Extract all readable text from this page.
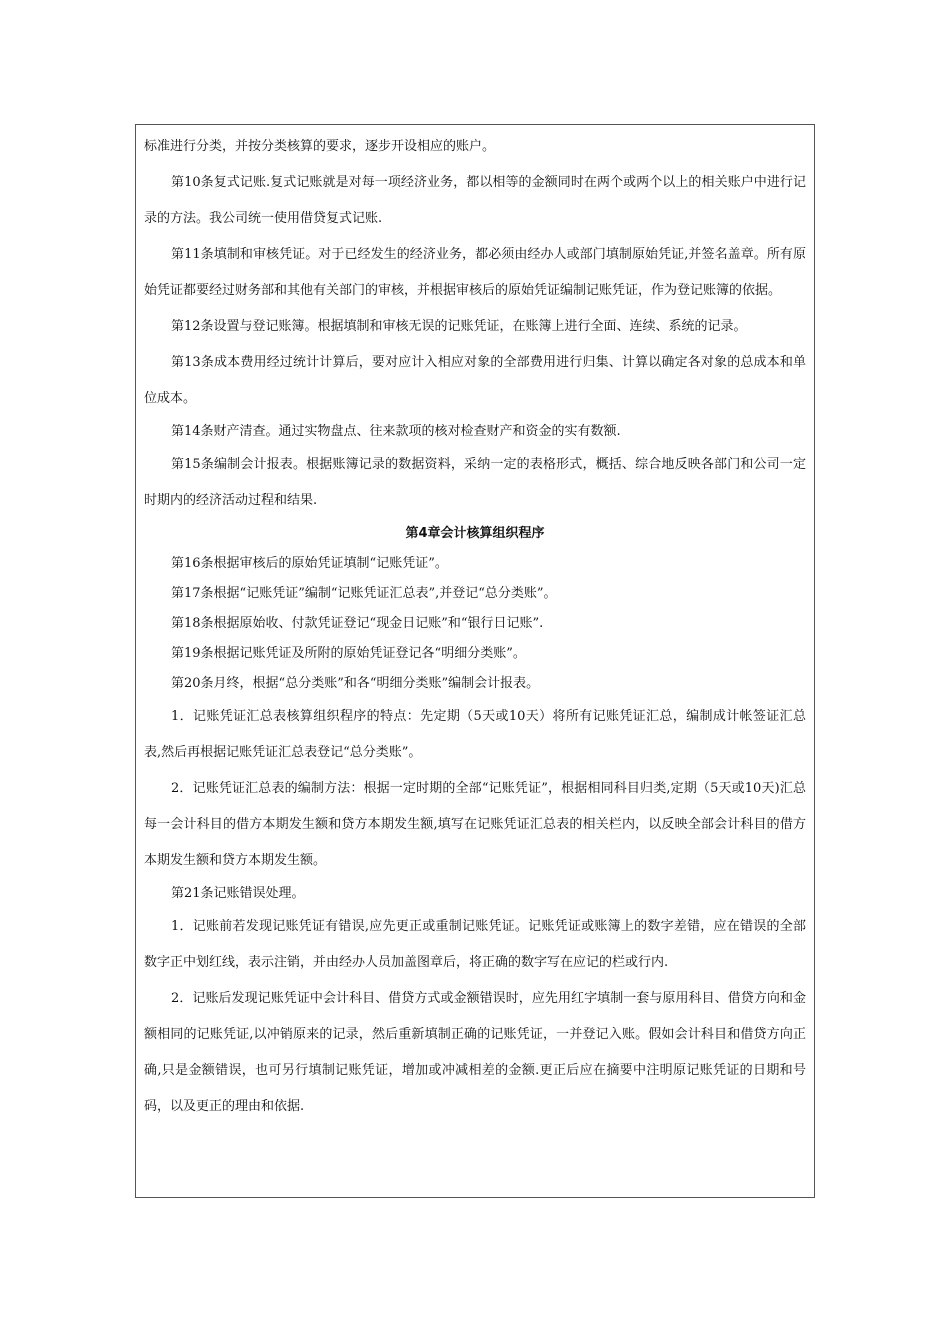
标准进行分类，并按分类核算的要求，逐步开设相应的账户。

第10条复式记账.复式记账就是对每一项经济业务，都以相等的金额同时在两个或两个以上的相关账户中进行记录的方法。我公司统一使用借贷复式记账.

第11条填制和审核凭证。对于已经发生的经济业务，都必须由经办人或部门填制原始凭证,并签名盖章。所有原始凭证都要经过财务部和其他有关部门的审核，并根据审核后的原始凭证编制记账凭证，作为登记账簿的依据。

第12条设置与登记账簿。根据填制和审核无误的记账凭证，在账簿上进行全面、连续、系统的记录。

第13条成本费用经过统计计算后，要对应计入相应对象的全部费用进行归集、计算以确定各对象的总成本和单位成本。

第14条财产清查。通过实物盘点、往来款项的核对检查财产和资金的实有数额.

第15条编制会计报表。根据账簿记录的数据资料，采纳一定的表格形式，概括、综合地反映各部门和公司一定时期内的经济活动过程和结果.

第4章会计核算组织程序

第16条根据审核后的原始凭证填制“记账凭证”。

第17条根据“记账凭证”编制“记账凭证汇总表”,并登记“总分类账”。

第18条根据原始收、付款凭证登记“现金日记账”和“银行日记账”.

第19条根据记账凭证及所附的原始凭证登记各“明细分类账”。

第20条月终，根据“总分类账”和各“明细分类账”编制会计报表。

1．记账凭证汇总表核算组织程序的特点：先定期（5天或10天）将所有记账凭证汇总，编制成计帐签证汇总表,然后再根据记账凭证汇总表登记“总分类账”。

2．记账凭证汇总表的编制方法：根据一定时期的全部“记账凭证”，根据相同科目归类,定期（5天或10天)汇总每一会计科目的借方本期发生额和贷方本期发生额,填写在记账凭证汇总表的相关栏内，以反映全部会计科目的借方本期发生额和贷方本期发生额。

第21条记账错误处理。

1．记账前若发现记账凭证有错误,应先更正或重制记账凭证。记账凭证或账簿上的数字差错，应在错误的全部数字正中划红线，表示注销，并由经办人员加盖图章后，将正确的数字写在应记的栏或行内.

2．记账后发现记账凭证中会计科目、借贷方式或金额错误时，应先用红字填制一套与原用科目、借贷方向和金额相同的记账凭证,以冲销原来的记录，然后重新填制正确的记账凭证，一并登记入账。假如会计科目和借贷方向正确,只是金额错误，也可另行填制记账凭证，增加或冲减相差的金额.更正后应在摘要中注明原记账凭证的日期和号码，以及更正的理由和依据.
